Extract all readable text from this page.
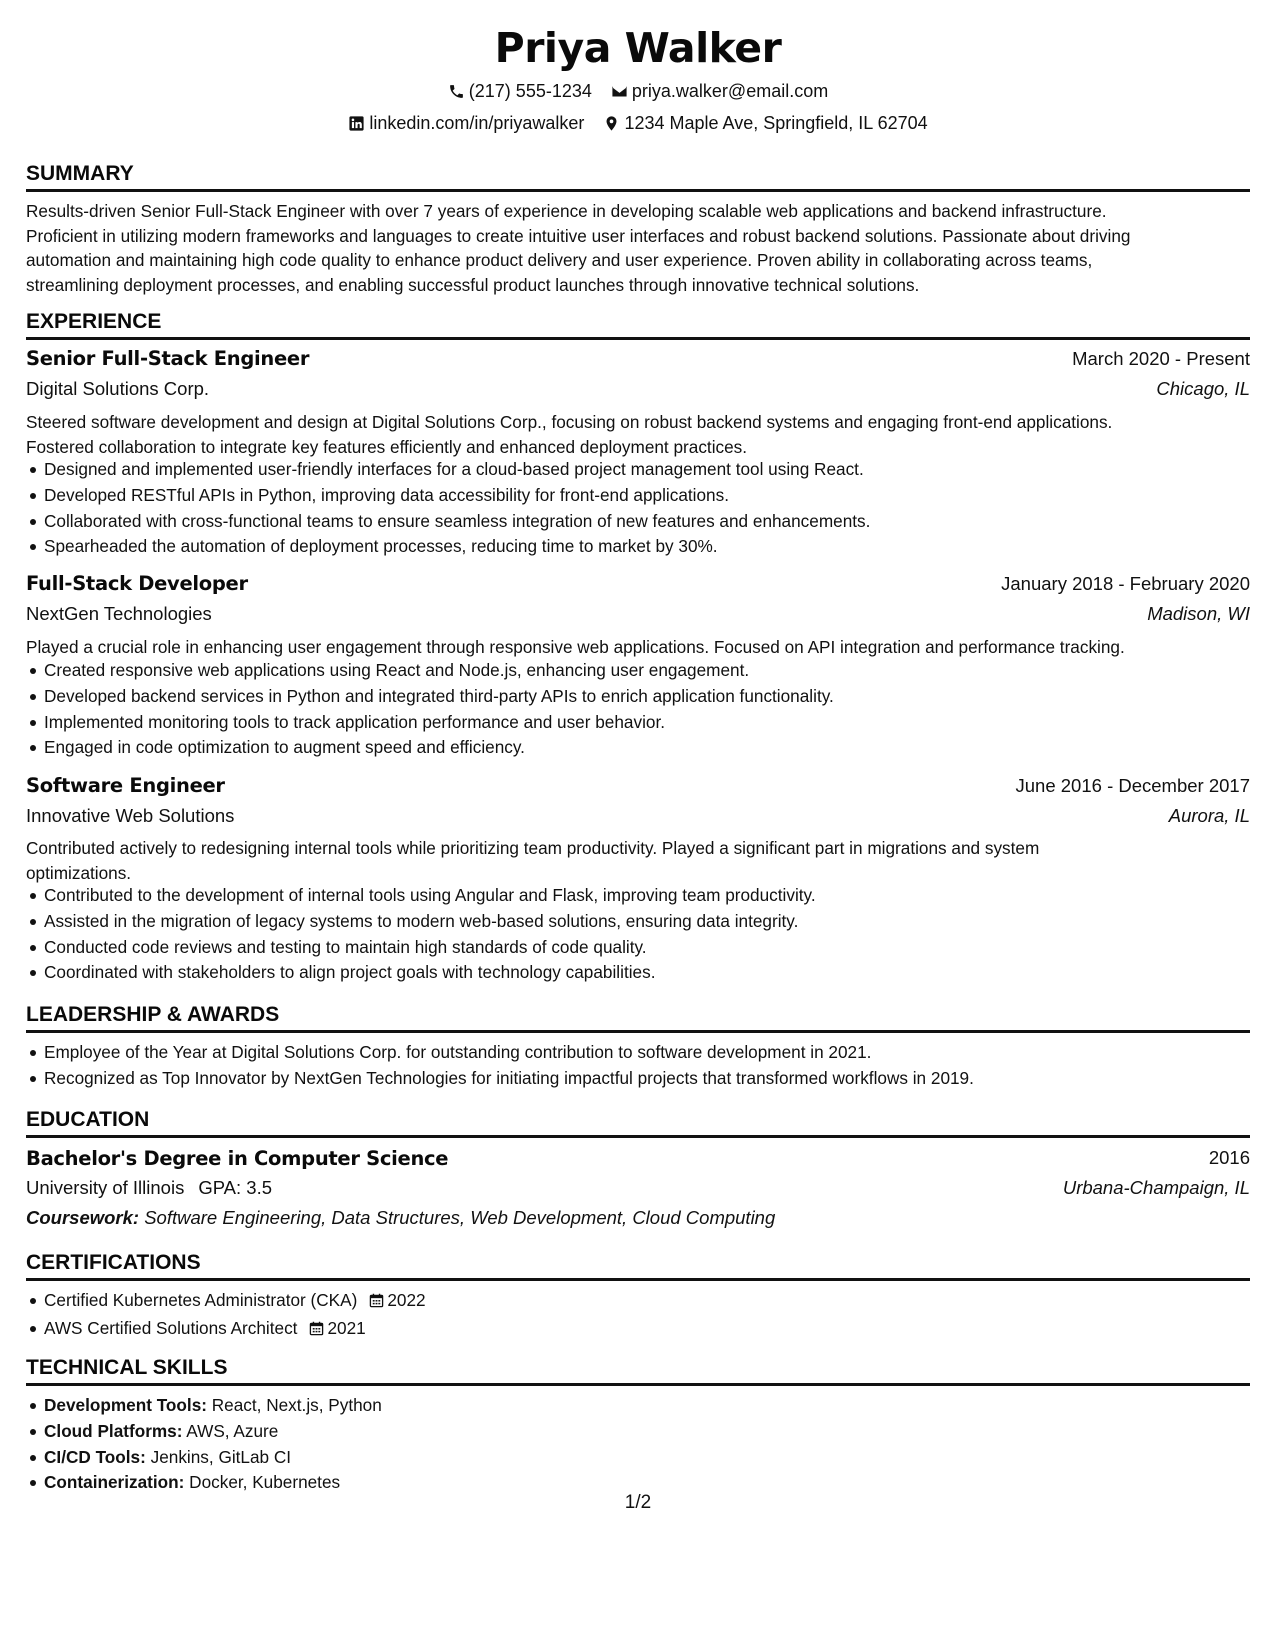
Priya Walker
(217) 555-1234
priya.walker@email.com
linkedin.com/in/priyawalker
1234 Maple Ave, Springfield, IL 62704
SUMMARY
Results-driven Senior Full-Stack Engineer with over 7 years of experience in developing scalable web applications and backend infrastructure.
Proficient in utilizing modern frameworks and languages to create intuitive user interfaces and robust backend solutions. Passionate about driving
automation and maintaining high code quality to enhance product delivery and user experience. Proven ability in collaborating across teams,
streamlining deployment processes, and enabling successful product launches through innovative technical solutions.
EXPERIENCE
Senior Full-Stack Engineer	March 2020 - Present
Digital Solutions Corp.	Chicago, IL
Steered software development and design at Digital Solutions Corp., focusing on robust backend systems and engaging front-end applications.
Fostered collaboration to integrate key features efficiently and enhanced deployment practices.
Designed and implemented user-friendly interfaces for a cloud-based project management tool using React.
Developed RESTful APIs in Python, improving data accessibility for front-end applications.
Collaborated with cross-functional teams to ensure seamless integration of new features and enhancements.
Spearheaded the automation of deployment processes, reducing time to market by 30%.
Full-Stack Developer	January 2018 - February 2020
NextGen Technologies	Madison, WI
Played a crucial role in enhancing user engagement through responsive web applications. Focused on API integration and performance tracking.
Created responsive web applications using React and Node.js, enhancing user engagement.
Developed backend services in Python and integrated third-party APIs to enrich application functionality.
Implemented monitoring tools to track application performance and user behavior.
Engaged in code optimization to augment speed and efficiency.
Software Engineer	June 2016 - December 2017
Innovative Web Solutions	Aurora, IL
Contributed actively to redesigning internal tools while prioritizing team productivity. Played a significant part in migrations and system
optimizations.
Contributed to the development of internal tools using Angular and Flask, improving team productivity.
Assisted in the migration of legacy systems to modern web-based solutions, ensuring data integrity.
Conducted code reviews and testing to maintain high standards of code quality.
Coordinated with stakeholders to align project goals with technology capabilities.
LEADERSHIP & AWARDS
Employee of the Year at Digital Solutions Corp. for outstanding contribution to software development in 2021.
Recognized as Top Innovator by NextGen Technologies for initiating impactful projects that transformed workflows in 2019.
EDUCATION
Bachelor's Degree in Computer Science	2016
University of Illinois GPA: 3.5	Urbana-Champaign, IL
Coursework: Software Engineering, Data Structures, Web Development, Cloud Computing
CERTIFICATIONS
Certified Kubernetes Administrator (CKA) 2022
AWS Certified Solutions Architect 2021
TECHNICAL SKILLS
Development Tools: React, Next.js, Python
Cloud Platforms: AWS, Azure
CI/CD Tools: Jenkins, GitLab CI
Containerization: Docker, Kubernetes
1/2
